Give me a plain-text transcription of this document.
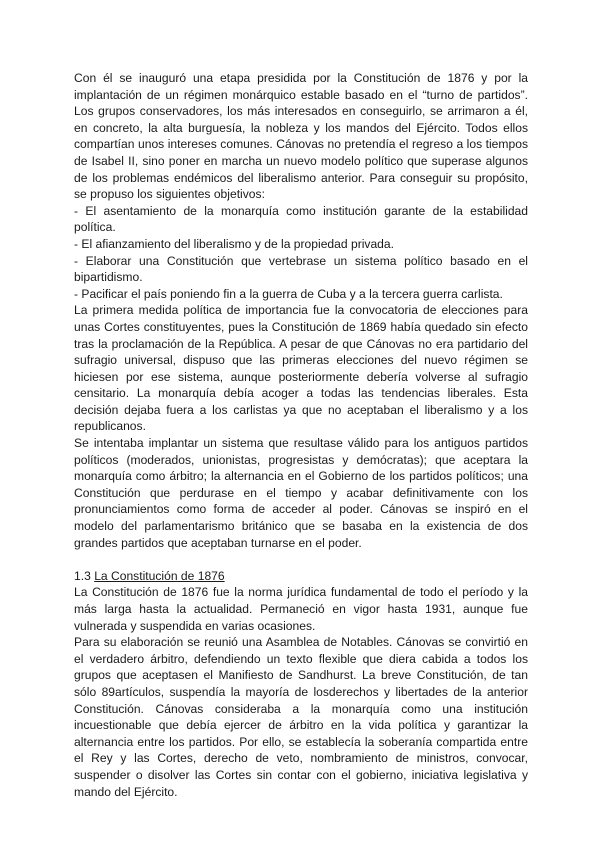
Con él se inauguró una etapa presidida por la Constitución de 1876 y por la implantación de un régimen monárquico estable basado en el “turno de partidos”. Los grupos conservadores, los más interesados en conseguirlo, se arrimaron a él, en concreto, la alta burguesía, la nobleza y los mandos del Ejército. Todos ellos compartían unos intereses comunes. Cánovas no pretendía el regreso a los tiempos de Isabel II, sino poner en marcha un nuevo modelo político que superase algunos de los problemas endémicos del liberalismo anterior. Para conseguir su propósito, se propuso los siguientes objetivos:

- El asentamiento de la monarquía como institución garante de la estabilidad política.

- El afianzamiento del liberalismo y de la propiedad privada.

- Elaborar una Constitución que vertebrase un sistema político basado en el bipartidismo.

- Pacificar el país poniendo fin a la guerra de Cuba y a la tercera guerra carlista.

La primera medida política de importancia fue la convocatoria de elecciones para unas Cortes constituyentes, pues la Constitución de 1869 había quedado sin efecto tras la proclamación de la República. A pesar de que Cánovas no era partidario del sufragio universal, dispuso que las primeras elecciones del nuevo régimen se hiciesen por ese sistema, aunque posteriormente debería volverse al sufragio censitario. La monarquía debía acoger a todas las tendencias liberales. Esta decisión dejaba fuera a los carlistas ya que no aceptaban el liberalismo y a los republicanos.

Se intentaba implantar un sistema que resultase válido para los antiguos partidos políticos (moderados, unionistas, progresistas y demócratas); que aceptara la monarquía como árbitro; la alternancia en el Gobierno de los partidos políticos; una Constitución que perdurase en el tiempo y acabar definitivamente con los pronunciamientos como forma de acceder al poder. Cánovas se inspiró en el modelo del parlamentarismo británico que se basaba en la existencia de dos grandes partidos que aceptaban turnarse en el poder.

1.3 La Constitución de 1876

La Constitución de 1876 fue la norma jurídica fundamental de todo el período y la más larga hasta la actualidad. Permaneció en vigor hasta 1931, aunque fue vulnerada y suspendida en varias ocasiones.

Para su elaboración se reunió una Asamblea de Notables. Cánovas se convirtió en el verdadero árbitro, defendiendo un texto flexible que diera cabida a todos los grupos que aceptasen el Manifiesto de Sandhurst. La breve Constitución, de tan sólo 89artículos, suspendía la mayoría de losderechos y libertades de la anterior Constitución. Cánovas consideraba a la monarquía como una institución incuestionable que debía ejercer de árbitro en la vida política y garantizar la alternancia entre los partidos. Por ello, se establecía la soberanía compartida entre el Rey y las Cortes, derecho de veto, nombramiento de ministros, convocar, suspender o disolver las Cortes sin contar con el gobierno, iniciativa legislativa y mando del Ejército.
